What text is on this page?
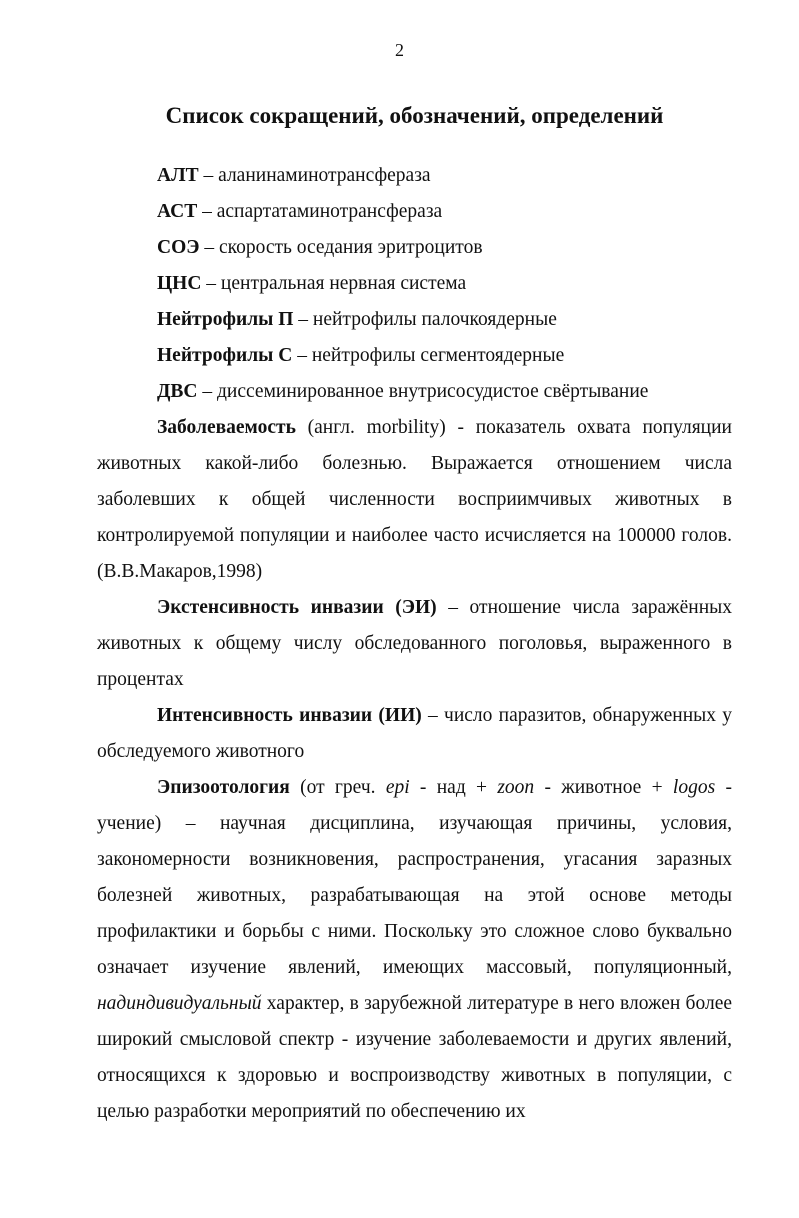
2
Список сокращений, обозначений, определений
АЛТ – аланинаминотрансфераза
АСТ – аспартатаминотрансфераза
СОЭ – скорость оседания эритроцитов
ЦНС – центральная нервная система
Нейтрофилы П – нейтрофилы палочкоядерные
Нейтрофилы С – нейтрофилы сегментоядерные
ДВС – диссеминированное внутрисосудистое свёртывание
Заболеваемость (англ. morbility) - показатель охвата популяции животных какой-либо болезнью. Выражается отношением числа заболевших к общей численности восприимчивых животных в контролируемой популяции и наиболее часто исчисляется на 100000 голов. (В.В.Макаров,1998)
Экстенсивность инвазии (ЭИ) – отношение числа заражённых животных к общему числу обследованного поголовья, выраженного в процентах
Интенсивность инвазии (ИИ) – число паразитов, обнаруженных у обследуемого животного
Эпизоотология (от греч. epi - над + zoon - животное + logos - учение) – научная дисциплина, изучающая причины, условия, закономерности возникновения, распространения, угасания заразных болезней животных, разрабатывающая на этой основе методы профилактики и борьбы с ними. Поскольку это сложное слово буквально означает изучение явлений, имеющих массовый, популяционный, надиндивидуальный характер, в зарубежной литературе в него вложен более широкий смысловой спектр - изучение заболеваемости и других явлений, относящихся к здоровью и воспроизводству животных в популяции, с целью разработки мероприятий по обеспечению их
